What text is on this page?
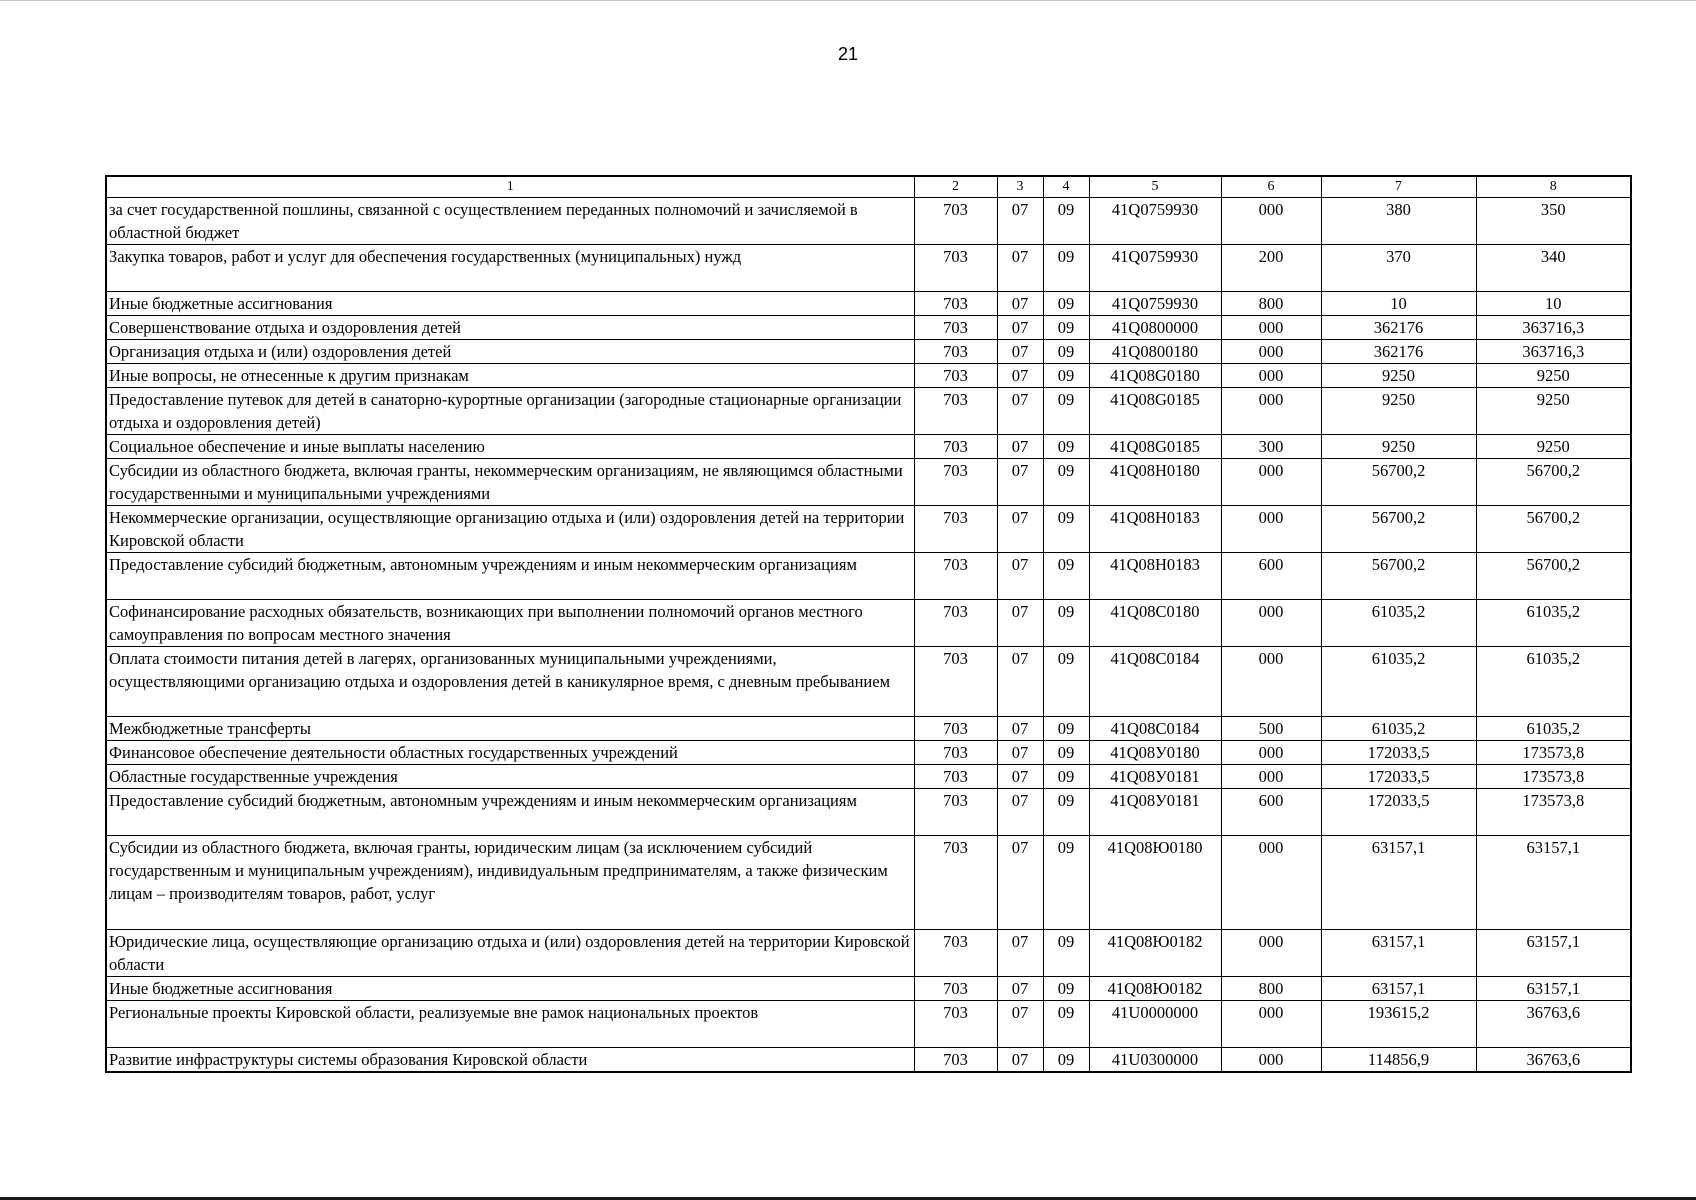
21
1	2	3	4	5	6	7	8
за счет государственной пошлины, связанной с осуществлением переданных полномочий и зачисляемой в областной бюджет	703	07	09	41Q0759930	000	380	350
Закупка товаров, работ и услуг для обеспечения государственных (муниципальных) нужд	703	07	09	41Q0759930	200	370	340
Иные бюджетные ассигнования	703	07	09	41Q0759930	800	10	10
Совершенствование отдыха и оздоровления детей	703	07	09	41Q0800000	000	362176	363716,3
Организация отдыха и (или) оздоровления детей	703	07	09	41Q0800180	000	362176	363716,3
Иные вопросы, не отнесенные к другим признакам	703	07	09	41Q08G0180	000	9250	9250
Предоставление путевок для детей в санаторно-курортные организации (загородные стационарные организации отдыха и оздоровления детей)	703	07	09	41Q08G0185	000	9250	9250
Социальное обеспечение и иные выплаты населению	703	07	09	41Q08G0185	300	9250	9250
Субсидии из областного бюджета, включая гранты, некоммерческим организациям, не являющимся областными государственными и муниципальными учреждениями	703	07	09	41Q08H0180	000	56700,2	56700,2
Некоммерческие организации, осуществляющие организацию отдыха и (или) оздоровления детей на территории Кировской области	703	07	09	41Q08H0183	000	56700,2	56700,2
Предоставление субсидий бюджетным, автономным учреждениям и иным некоммерческим организациям	703	07	09	41Q08H0183	600	56700,2	56700,2
Софинансирование расходных обязательств, возникающих при выполнении полномочий органов местного самоуправления по вопросам местного значения	703	07	09	41Q08C0180	000	61035,2	61035,2
Оплата стоимости питания детей в лагерях, организованных муниципальными учреждениями, осуществляющими организацию отдыха и оздоровления детей в каникулярное время, с дневным пребыванием	703	07	09	41Q08C0184	000	61035,2	61035,2
Межбюджетные трансферты	703	07	09	41Q08C0184	500	61035,2	61035,2
Финансовое обеспечение деятельности областных государственных учреждений	703	07	09	41Q08У0180	000	172033,5	173573,8
Областные государственные учреждения	703	07	09	41Q08У0181	000	172033,5	173573,8
Предоставление субсидий бюджетным, автономным учреждениям и иным некоммерческим организациям	703	07	09	41Q08У0181	600	172033,5	173573,8
Субсидии из областного бюджета, включая гранты, юридическим лицам (за исключением субсидий государственным и муниципальным учреждениям), индивидуальным предпринимателям, а также физическим лицам – производителям товаров, работ, услуг	703	07	09	41Q08Ю0180	000	63157,1	63157,1
Юридические лица, осуществляющие организацию отдыха и (или) оздоровления детей на территории Кировской области	703	07	09	41Q08Ю0182	000	63157,1	63157,1
Иные бюджетные ассигнования	703	07	09	41Q08Ю0182	800	63157,1	63157,1
Региональные проекты Кировской области, реализуемые вне рамок национальных проектов	703	07	09	41U0000000	000	193615,2	36763,6
Развитие инфраструктуры системы образования Кировской области	703	07	09	41U0300000	000	114856,9	36763,6
